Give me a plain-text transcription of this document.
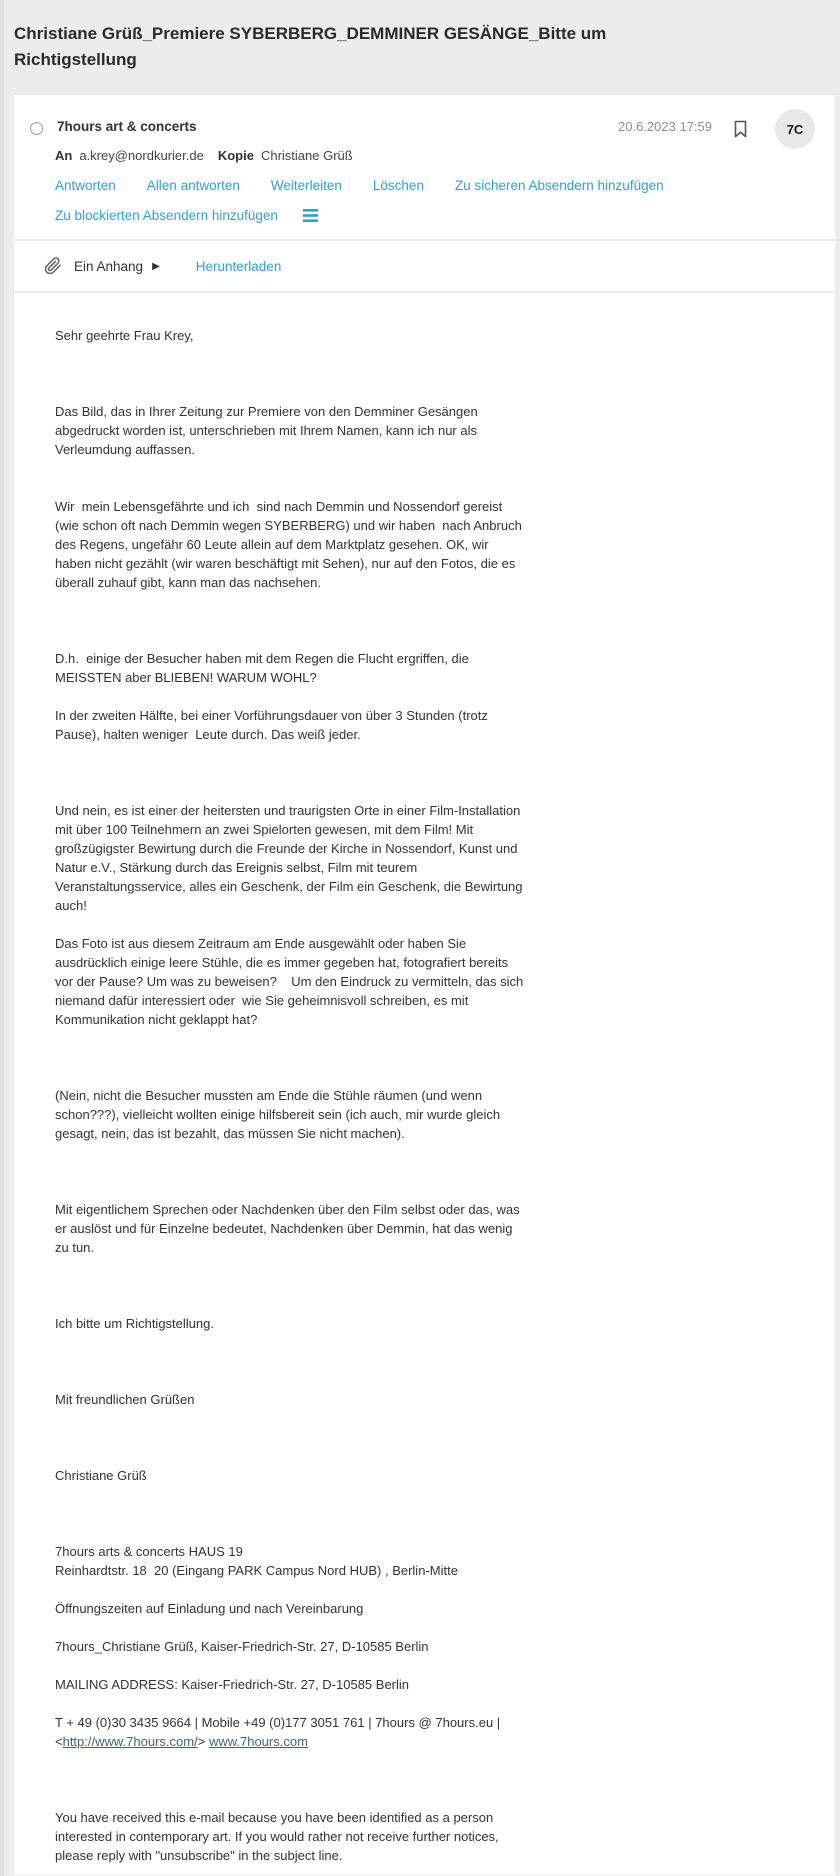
Christiane Grüß_Premiere SYBERBERG_DEMMINER GESÄNGE_Bitte um Richtigstellung
7hours art & concerts	20.6.2023 17:59	7C
An a.krey@nordkurier.de Kopie Christiane Grüß
Antworten Allen antworten Weiterleiten Löschen Zu sicheren Absendern hinzufügen
Zu blockierten Absendern hinzufügen
Ein Anhang ▶	Herunterladen

Sehr geehrte Frau Krey,

Das Bild, das in Ihrer Zeitung zur Premiere von den Demminer Gesängen abgedruckt worden ist, unterschrieben mit Ihrem Namen, kann ich nur als Verleumdung auffassen.

Wir  mein Lebensgefährte und ich  sind nach Demmin und Nossendorf gereist (wie schon oft nach Demmin wegen SYBERBERG) und wir haben  nach Anbruch des Regens, ungefähr 60 Leute allein auf dem Marktplatz gesehen. OK, wir haben nicht gezählt (wir waren beschäftigt mit Sehen), nur auf den Fotos, die es überall zuhauf gibt, kann man das nachsehen.

D.h.  einige der Besucher haben mit dem Regen die Flucht ergriffen, die MEISSTEN aber BLIEBEN! WARUM WOHL?

In der zweiten Hälfte, bei einer Vorführungsdauer von über 3 Stunden (trotz Pause), halten weniger  Leute durch. Das weiß jeder.

Und nein, es ist einer der heitersten und traurigsten Orte in einer Film-Installation mit über 100 Teilnehmern an zwei Spielorten gewesen, mit dem Film! Mit großzügigster Bewirtung durch die Freunde der Kirche in Nossendorf, Kunst und Natur e.V., Stärkung durch das Ereignis selbst, Film mit teurem Veranstaltungsservice, alles ein Geschenk, der Film ein Geschenk, die Bewirtung auch!

Das Foto ist aus diesem Zeitraum am Ende ausgewählt oder haben Sie ausdrücklich einige leere Stühle, die es immer gegeben hat, fotografiert bereits vor der Pause? Um was zu beweisen?    Um den Eindruck zu vermitteln, das sich niemand dafür interessiert oder  wie Sie geheimnisvoll schreiben, es mit Kommunikation nicht geklappt hat?

(Nein, nicht die Besucher mussten am Ende die Stühle räumen (und wenn schon???), vielleicht wollten einige hilfsbereit sein (ich auch, mir wurde gleich gesagt, nein, das ist bezahlt, das müssen Sie nicht machen).

Mit eigentlichem Sprechen oder Nachdenken über den Film selbst oder das, was er auslöst und für Einzelne bedeutet, Nachdenken über Demmin, hat das wenig zu tun.

Ich bitte um Richtigstellung.

Mit freundlichen Grüßen

Christiane Grüß

7hours arts & concerts HAUS 19
Reinhardtstr. 18  20 (Eingang PARK Campus Nord HUB) , Berlin-Mitte

Öffnungszeiten auf Einladung und nach Vereinbarung

7hours_Christiane Grüß, Kaiser-Friedrich-Str. 27, D-10585 Berlin

MAILING ADDRESS: Kaiser-Friedrich-Str. 27, D-10585 Berlin

T + 49 (0)30 3435 9664 | Mobile +49 (0)177 3051 761 | 7hours @ 7hours.eu |
<http://www.7hours.com/> www.7hours.com

You have received this e-mail because you have been identified as a person interested in contemporary art. If you would rather not receive further notices, please reply with "unsubscribe" in the subject line.
